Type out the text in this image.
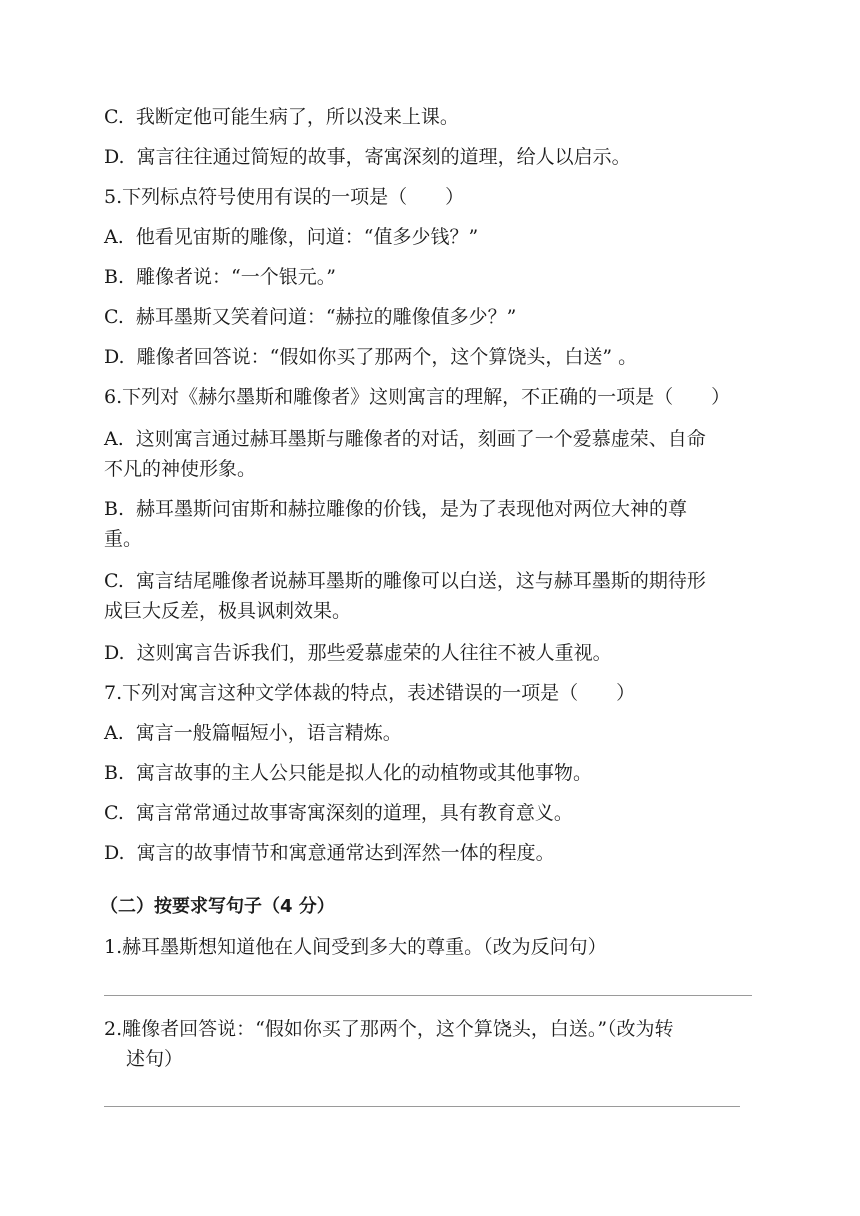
C. 我断定他可能生病了，所以没来上课。
D. 寓言往往通过简短的故事，寄寓深刻的道理，给人以启示。
5.下列标点符号使用有误的一项是（　　）
A. 他看见宙斯的雕像，问道：“值多少钱？”
B. 雕像者说：“一个银元。”
C. 赫耳墨斯又笑着问道：“赫拉的雕像值多少？”
D. 雕像者回答说：“假如你买了那两个，这个算饶头，白送” 。
6.下列对《赫尔墨斯和雕像者》这则寓言的理解，不正确的一项是（　　）
A. 这则寓言通过赫耳墨斯与雕像者的对话，刻画了一个爱慕虚荣、自命
不凡的神使形象。
B. 赫耳墨斯问宙斯和赫拉雕像的价钱，是为了表现他对两位大神的尊
重。
C. 寓言结尾雕像者说赫耳墨斯的雕像可以白送，这与赫耳墨斯的期待形
成巨大反差，极具讽刺效果。
D. 这则寓言告诉我们，那些爱慕虚荣的人往往不被人重视。
7.下列对寓言这种文学体裁的特点，表述错误的一项是（　　）
A. 寓言一般篇幅短小，语言精炼。
B. 寓言故事的主人公只能是拟人化的动植物或其他事物。
C. 寓言常常通过故事寄寓深刻的道理，具有教育意义。
D. 寓言的故事情节和寓意通常达到浑然一体的程度。
（二）按要求写句子（4 分）
1.赫耳墨斯想知道他在人间受到多大的尊重。（改为反问句）
2.雕像者回答说：“假如你买了那两个，这个算饶头，白送。”（改为转
述句）
